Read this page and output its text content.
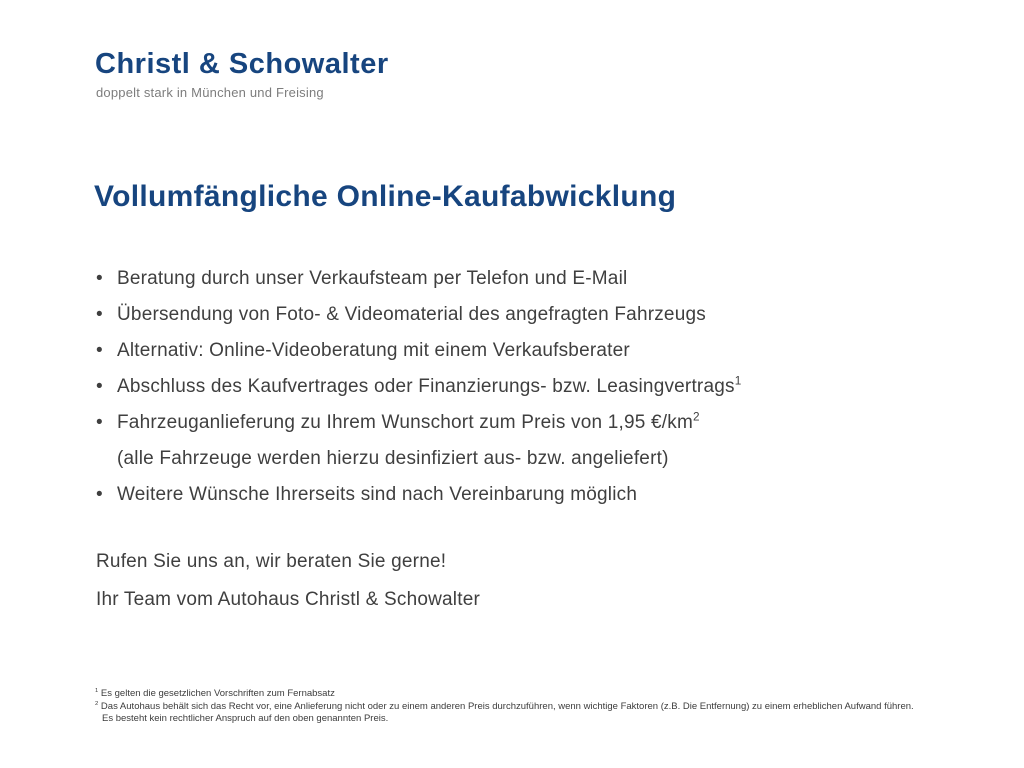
Christl & Schowalter
doppelt stark in München und Freising
Vollumfängliche Online-Kaufabwicklung
• Beratung durch unser Verkaufsteam per Telefon und E-Mail
• Übersendung von Foto- & Videomaterial des angefragten Fahrzeugs
• Alternativ: Online-Videoberatung mit einem Verkaufsberater
• Abschluss des Kaufvertrages oder Finanzierungs- bzw. Leasingvertrags$^1$
• Fahrzeuganlieferung zu Ihrem Wunschort zum Preis von 1,95 $€/km^2$
(alle Fahrzeuge werden hierzu desinfiziert aus- bzw. angeliefert)
• Weitere Wünsche Ihrerseits sind nach Vereinbarung möglich
Rufen Sie uns an, wir beraten Sie gerne!
Ihr Team vom Autohaus Christl & Schowalter
$^1$ Es gelten die gesetzlichen Vorschriften zum Fernabsatz
$^2$ Das Autohaus behält sich das Recht vor, eine Anlieferung nicht oder zu einem anderen Preis durchzuführen, wenn wichtige Faktoren (z.B. Die Entfernung) zu einem erheblichen Aufwand führen.
Es besteht kein rechtlicher Anspruch auf den oben genannten Preis.
